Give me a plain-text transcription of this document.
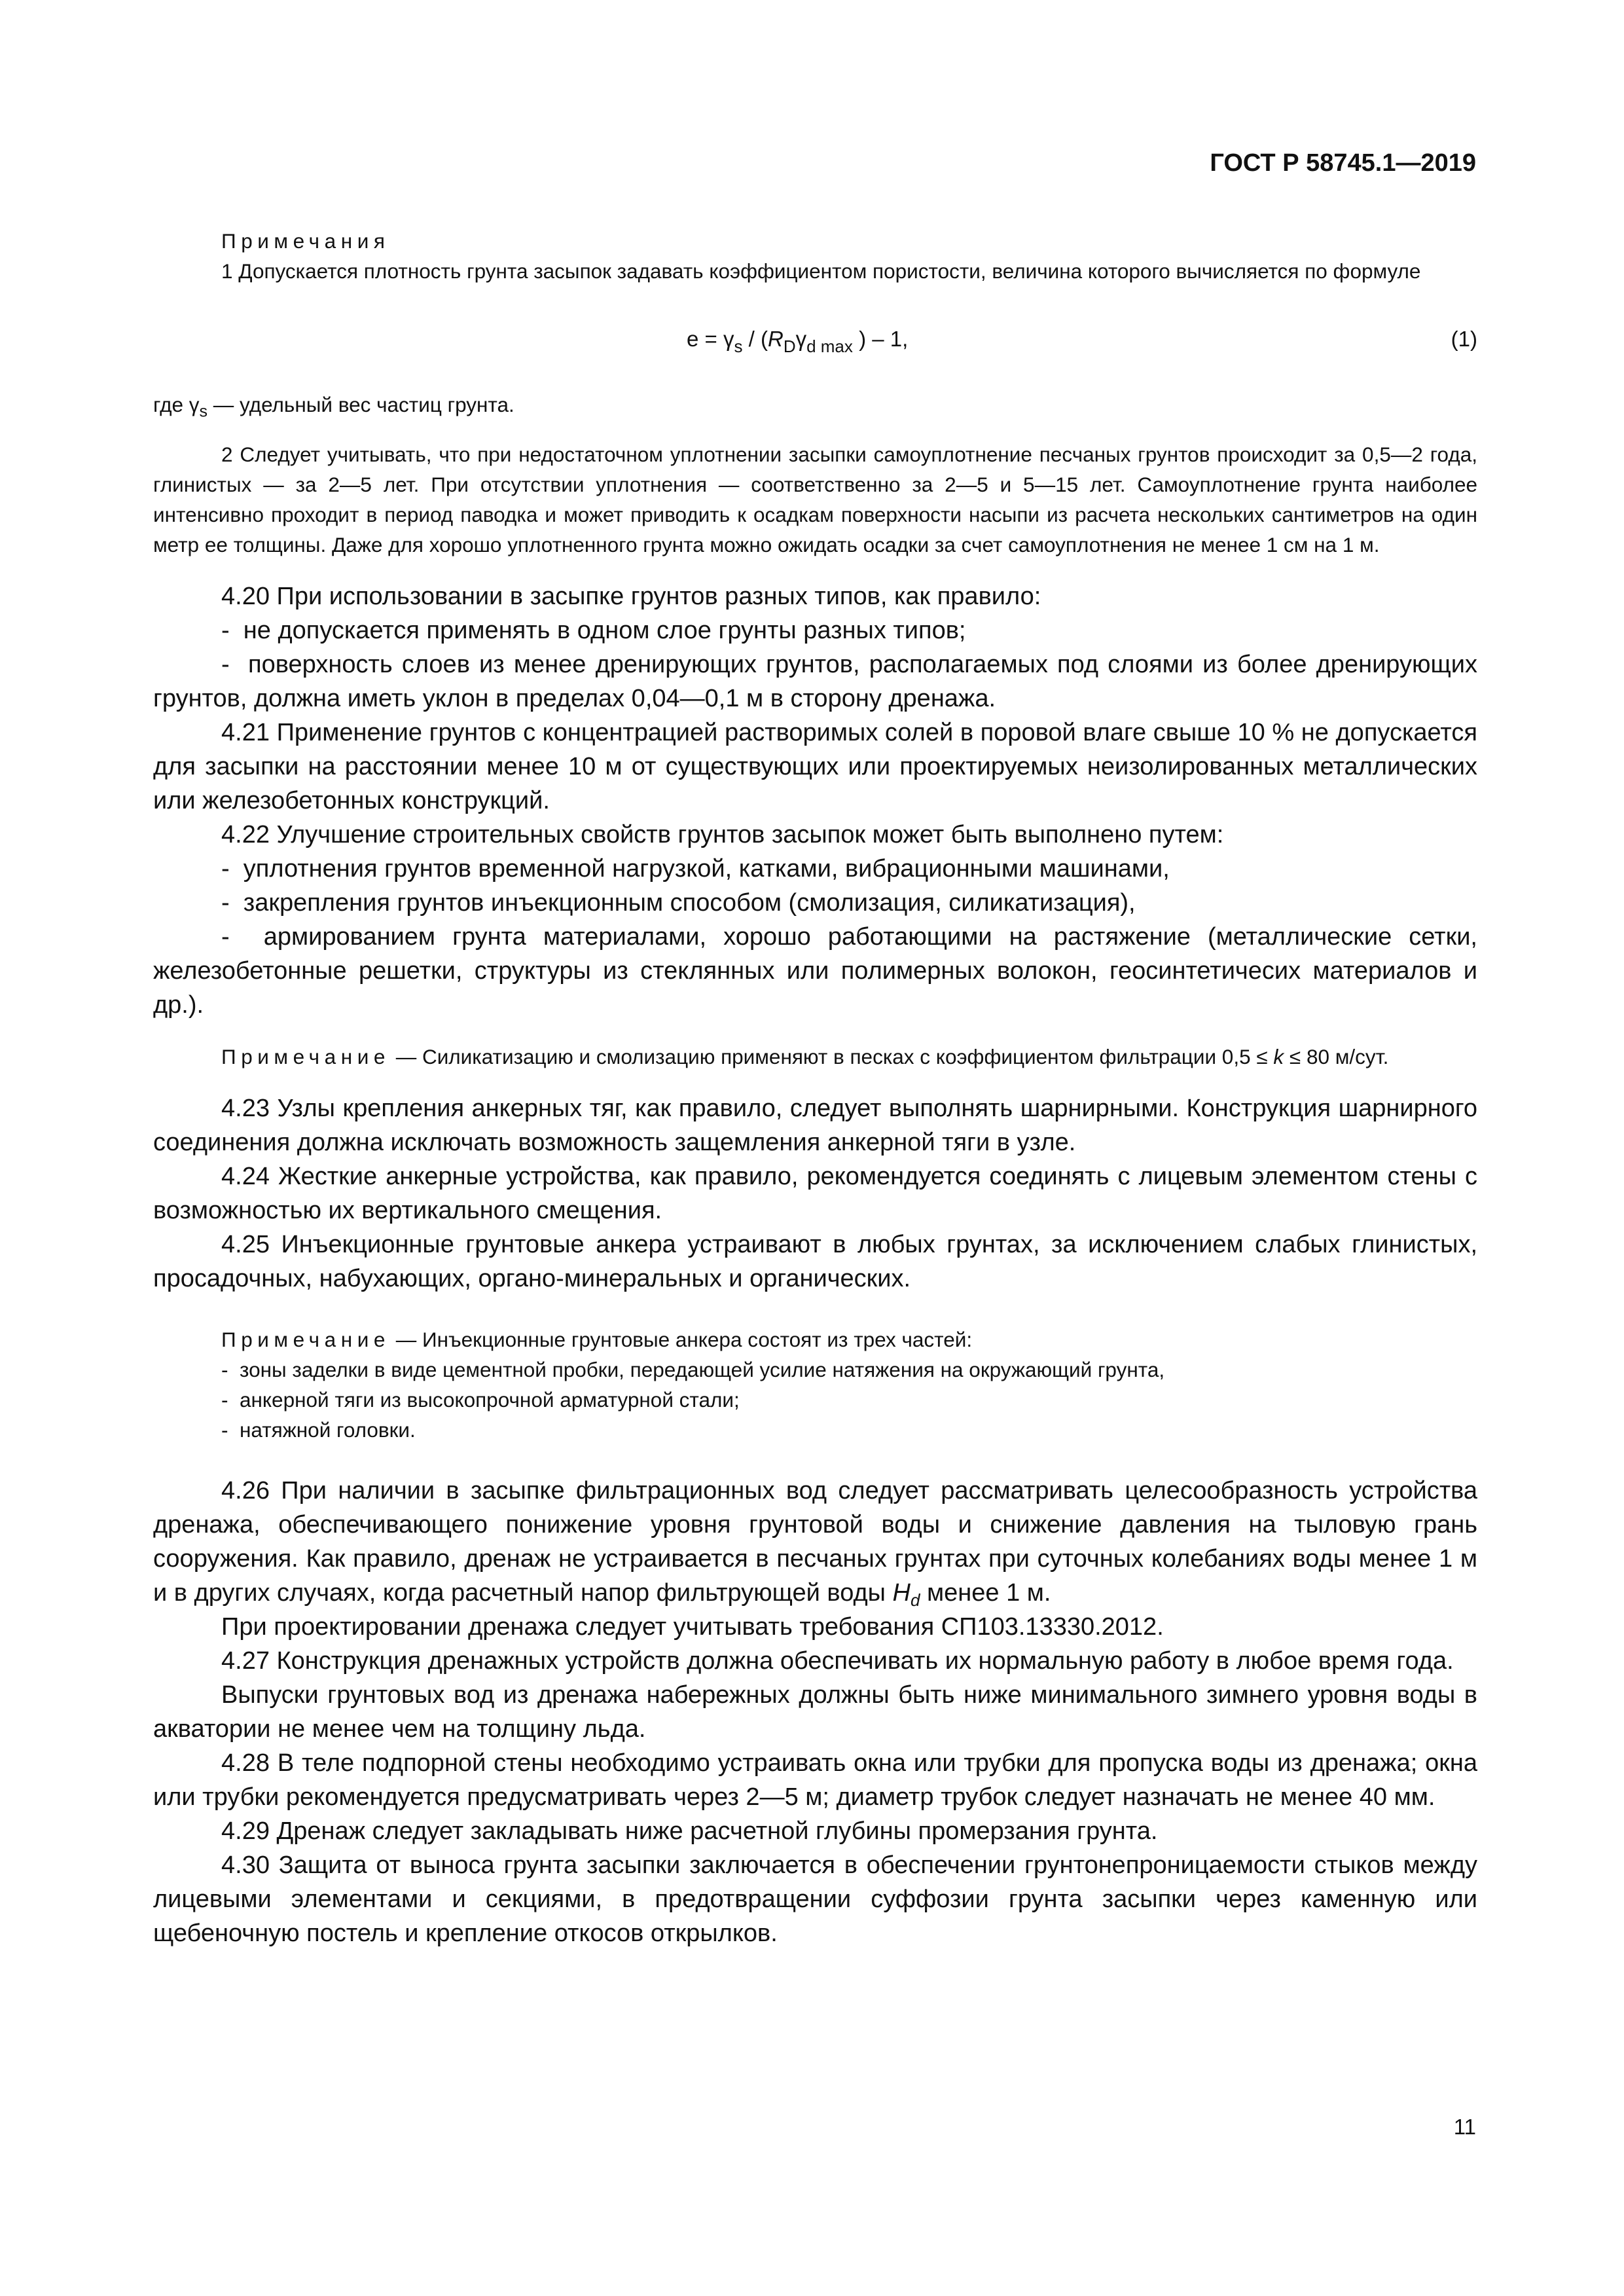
ГОСТ Р 58745.1—2019

Примечания

1 Допускается плотность грунта засыпок задавать коэффициентом пористости, величина которого вычисляется по формуле

$e = \gamma_s / (R_D\gamma_{d max}$ ) – 1,	(1)

где $\gamma_s$ — удельный вес частиц грунта.

2 Следует учитывать, что при недостаточном уплотнении засыпки самоуплотнение песчаных грунтов происходит за 0,5—2 года, глинистых — за 2—5 лет. При отсутствии уплотнения — соответственно за 2—5 и 5—15 лет. Самоуплотнение грунта наиболее интенсивно проходит в период паводка и может приводить к осадкам поверхности насыпи из расчета нескольких сантиметров на один метр ее толщины. Даже для хорошо уплотненного грунта можно ожидать осадки за счет самоуплотнения не менее 1 см на 1 м.

4.20 При использовании в засыпке грунтов разных типов, как правило:

-  не допускается применять в одном слое грунты разных типов;

-  поверхность слоев из менее дренирующих грунтов, располагаемых под слоями из более дренирующих грунтов, должна иметь уклон в пределах 0,04—0,1 м в сторону дренажа.

4.21 Применение грунтов с концентрацией растворимых солей в поровой влаге свыше 10 % не допускается для засыпки на расстоянии менее 10 м от существующих или проектируемых неизолированных металлических или железобетонных конструкций.

4.22 Улучшение строительных свойств грунтов засыпок может быть выполнено путем:

-  уплотнения грунтов временной нагрузкой, катками, вибрационными машинами,

-  закрепления грунтов инъекционным способом (смолизация, силикатизация),

-  армированием грунта материалами, хорошо работающими на растяжение (металлические сетки, железобетонные решетки, структуры из стеклянных или полимерных волокон, геосинтетичесих материалов и др.).

Примечание — Силикатизацию и смолизацию применяют в песках с коэффициентом фильтрации 0,5 ≤ k ≤ 80 м/сут.

4.23 Узлы крепления анкерных тяг, как правило, следует выполнять шарнирными. Конструкция шарнирного соединения должна исключать возможность защемления анкерной тяги в узле.

4.24 Жесткие анкерные устройства, как правило, рекомендуется соединять с лицевым элементом стены с возможностью их вертикального смещения.

4.25 Инъекционные грунтовые анкера устраивают в любых грунтах, за исключением слабых глинистых, просадочных, набухающих, органо-минеральных и органических.

Примечание — Инъекционные грунтовые анкера состоят из трех частей:

-  зоны заделки в виде цементной пробки, передающей усилие натяжения на окружающий грунта,

-  анкерной тяги из высокопрочной арматурной стали;

-  натяжной головки.

4.26 При наличии в засыпке фильтрационных вод следует рассматривать целесообразность устройства дренажа, обеспечивающего понижение уровня грунтовой воды и снижение давления на тыловую грань сооружения. Как правило, дренаж не устраивается в песчаных грунтах при суточных колебаниях воды менее 1 м и в других случаях, когда расчетный напор фильтрующей воды $H_d$ менее 1 м.

При проектировании дренажа следует учитывать требования СП103.13330.2012.

4.27 Конструкция дренажных устройств должна обеспечивать их нормальную работу в любое время года.

Выпуски грунтовых вод из дренажа набережных должны быть ниже минимального зимнего уровня воды в акватории не менее чем на толщину льда.

4.28 В теле подпорной стены необходимо устраивать окна или трубки для пропуска воды из дренажа; окна или трубки рекомендуется предусматривать через 2—5 м; диаметр трубок следует назначать не менее 40 мм.

4.29 Дренаж следует закладывать ниже расчетной глубины промерзания грунта.

4.30 Защита от выноса грунта засыпки заключается в обеспечении грунтонепроницаемости стыков между лицевыми элементами и секциями, в предотвращении суффозии грунта засыпки через каменную или щебеночную постель и крепление откосов открылков.

11
